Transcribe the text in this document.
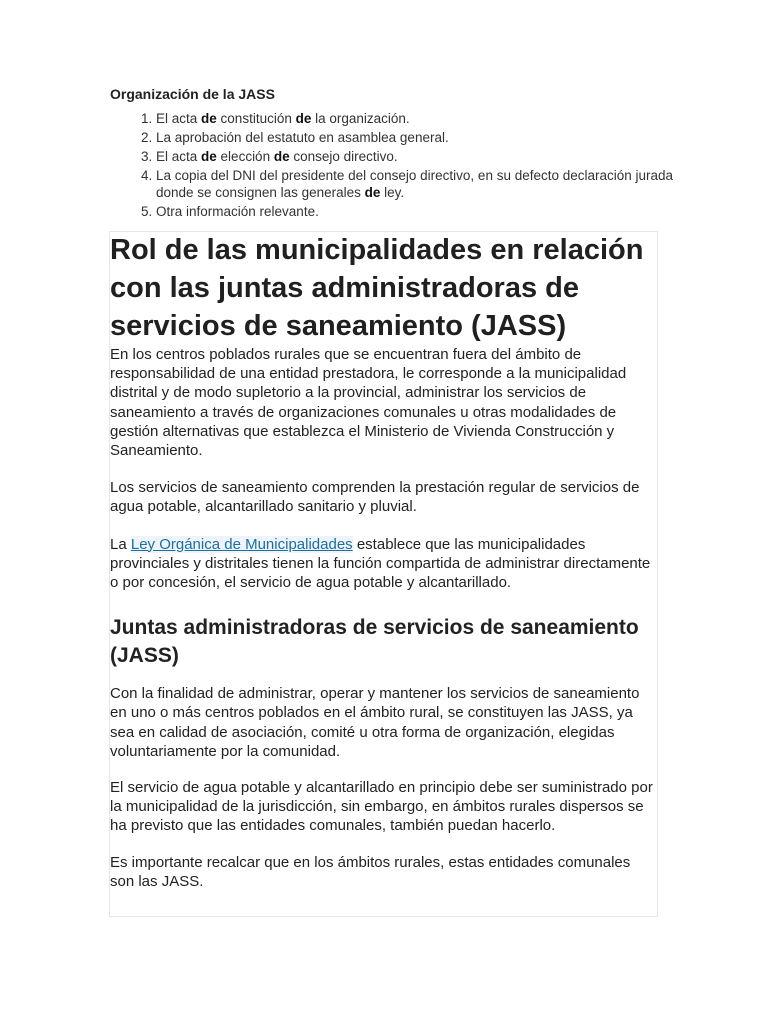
Organización de la JASS
1. El acta de constitución de la organización.
2. La aprobación del estatuto en asamblea general.
3. El acta de elección de consejo directivo.
4. La copia del DNI del presidente del consejo directivo, en su defecto declaración jurada donde se consignen las generales de ley.
5. Otra información relevante.
Rol de las municipalidades en relación con las juntas administradoras de servicios de saneamiento (JASS)

En los centros poblados rurales que se encuentran fuera del ámbito de responsabilidad de una entidad prestadora, le corresponde a la municipalidad distrital y de modo supletorio a la provincial, administrar los servicios de saneamiento a través de organizaciones comunales u otras modalidades de gestión alternativas que establezca el Ministerio de Vivienda Construcción y Saneamiento.

Los servicios de saneamiento comprenden la prestación regular de servicios de agua potable, alcantarillado sanitario y pluvial.

La Ley Orgánica de Municipalidades establece que las municipalidades provinciales y distritales tienen la función compartida de administrar directamente o por concesión, el servicio de agua potable y alcantarillado.

Juntas administradoras de servicios de saneamiento (JASS)

Con la finalidad de administrar, operar y mantener los servicios de saneamiento en uno o más centros poblados en el ámbito rural, se constituyen las JASS, ya sea en calidad de asociación, comité u otra forma de organización, elegidas voluntariamente por la comunidad.

El servicio de agua potable y alcantarillado en principio debe ser suministrado por la municipalidad de la jurisdicción, sin embargo, en ámbitos rurales dispersos se ha previsto que las entidades comunales, también puedan hacerlo.

Es importante recalcar que en los ámbitos rurales, estas entidades comunales son las JASS.
